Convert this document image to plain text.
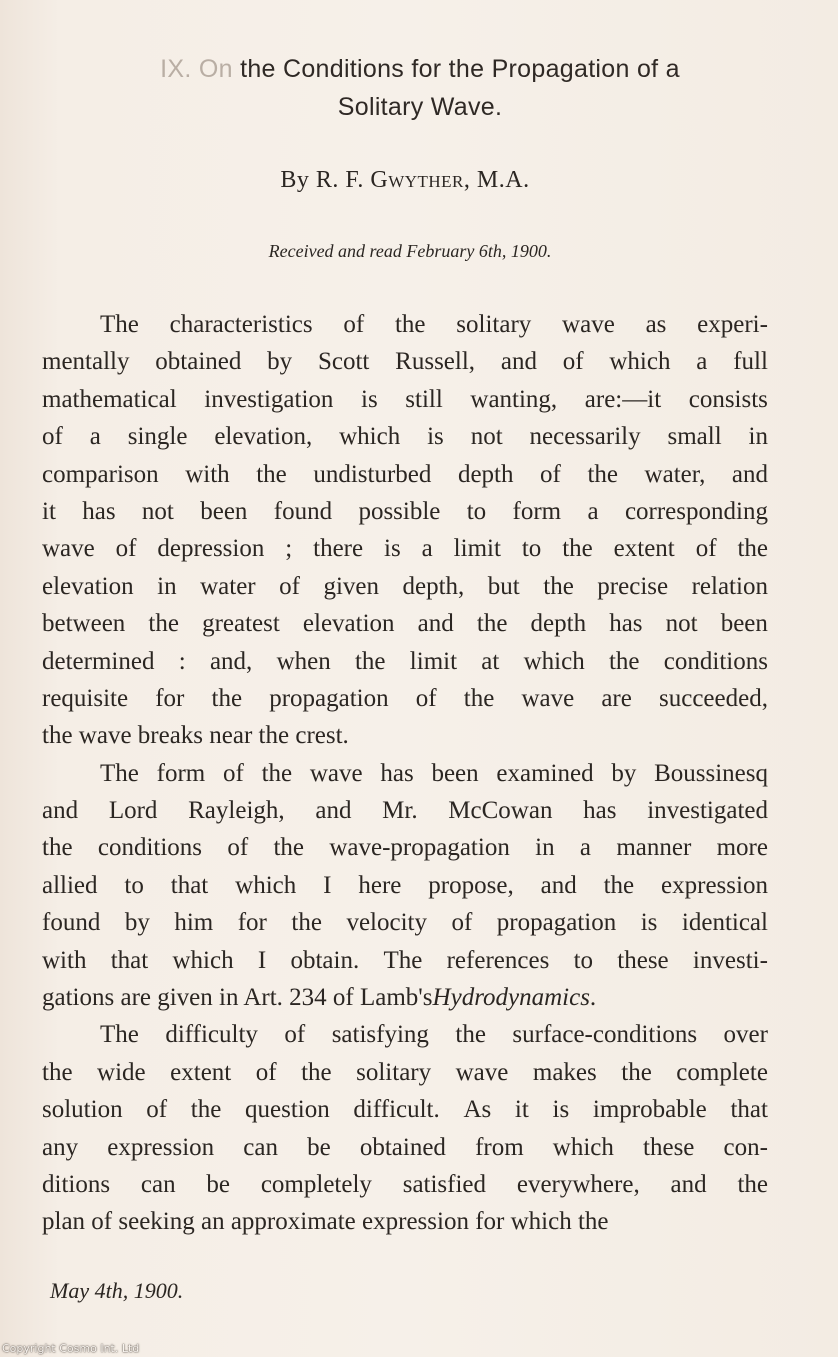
IX. On the Conditions for the Propagation of a
Solitary Wave.
By R. F. Gwyther, M.A.
Received and read February 6th, 1900.
The characteristics of the solitary wave as experi-
mentally obtained by Scott Russell, and of which a full
mathematical investigation is still wanting, are:—it consists
of a single elevation, which is not necessarily small in
comparison with the undisturbed depth of the water, and
it has not been found possible to form a corresponding
wave of depression ; there is a limit to the extent of the
elevation in water of given depth, but the precise relation
between the greatest elevation and the depth has not been
determined : and, when the limit at which the conditions
requisite for the propagation of the wave are succeeded,
the wave breaks near the crest.
The form of the wave has been examined by Boussinesq
and Lord Rayleigh, and Mr. McCowan has investigated
the conditions of the wave-propagation in a manner more
allied to that which I here propose, and the expression
found by him for the velocity of propagation is identical
with that which I obtain. The references to these investi-
gations are given in Art. 234 of Lamb's Hydrodynamics .
The difficulty of satisfying the surface-conditions over
the wide extent of the solitary wave makes the complete
solution of the question difficult. As it is improbable that
any expression can be obtained from which these con-
ditions can be completely satisfied everywhere, and the
plan of seeking an approximate expression for which the
May 4th, 1900.
Copyright Cosmo Int. Ltd
